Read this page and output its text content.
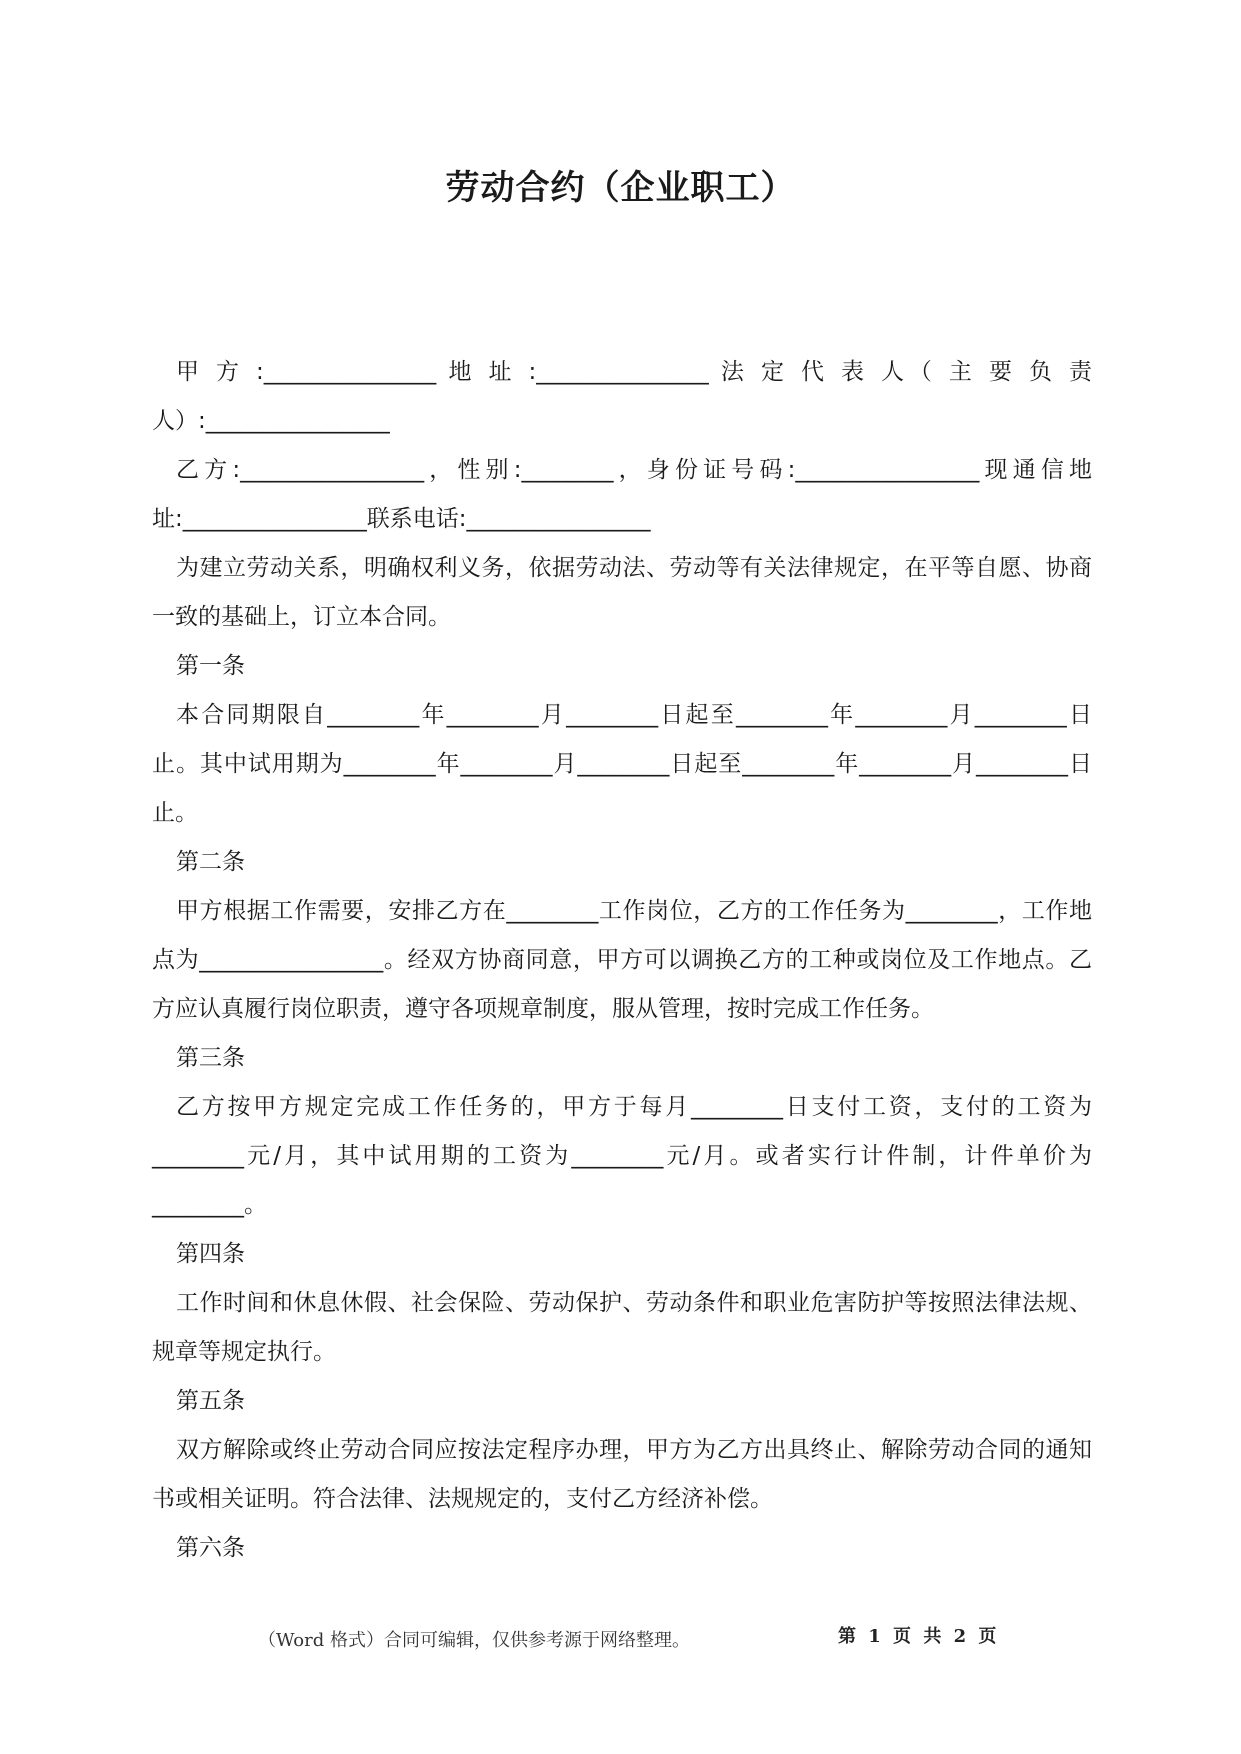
劳动合约（企业职工）

甲 方 :_______________ 地 址 :_______________ 法 定 代 表 人（ 主 要 负 责 人）:________________

乙方:________________，性别:________，身份证号码:________________现通信地址:________________联系电话:________________

为建立劳动关系，明确权利义务，依据劳动法、劳动等有关法律规定，在平等自愿、协商一致的基础上，订立本合同。

第一条

本合同期限自________年________月________日起至________年________月________日止。其中试用期为________年________月________日起至________年________月________日止。

第二条

甲方根据工作需要，安排乙方在________工作岗位，乙方的工作任务为________，工作地点为________________。经双方协商同意，甲方可以调换乙方的工种或岗位及工作地点。乙方应认真履行岗位职责，遵守各项规章制度，服从管理，按时完成工作任务。

第三条

乙方按甲方规定完成工作任务的，甲方于每月________日支付工资，支付的工资为________元/月，其中试用期的工资为________元/月。或者实行计件制，计件单价为________。

第四条

工作时间和休息休假、社会保险、劳动保护、劳动条件和职业危害防护等按照法律法规、规章等规定执行。

第五条

双方解除或终止劳动合同应按法定程序办理，甲方为乙方出具终止、解除劳动合同的通知书或相关证明。符合法律、法规规定的，支付乙方经济补偿。

第六条

（Word 格式）合同可编辑，仅供参考源于网络整理。	第 1 页 共 2 页
